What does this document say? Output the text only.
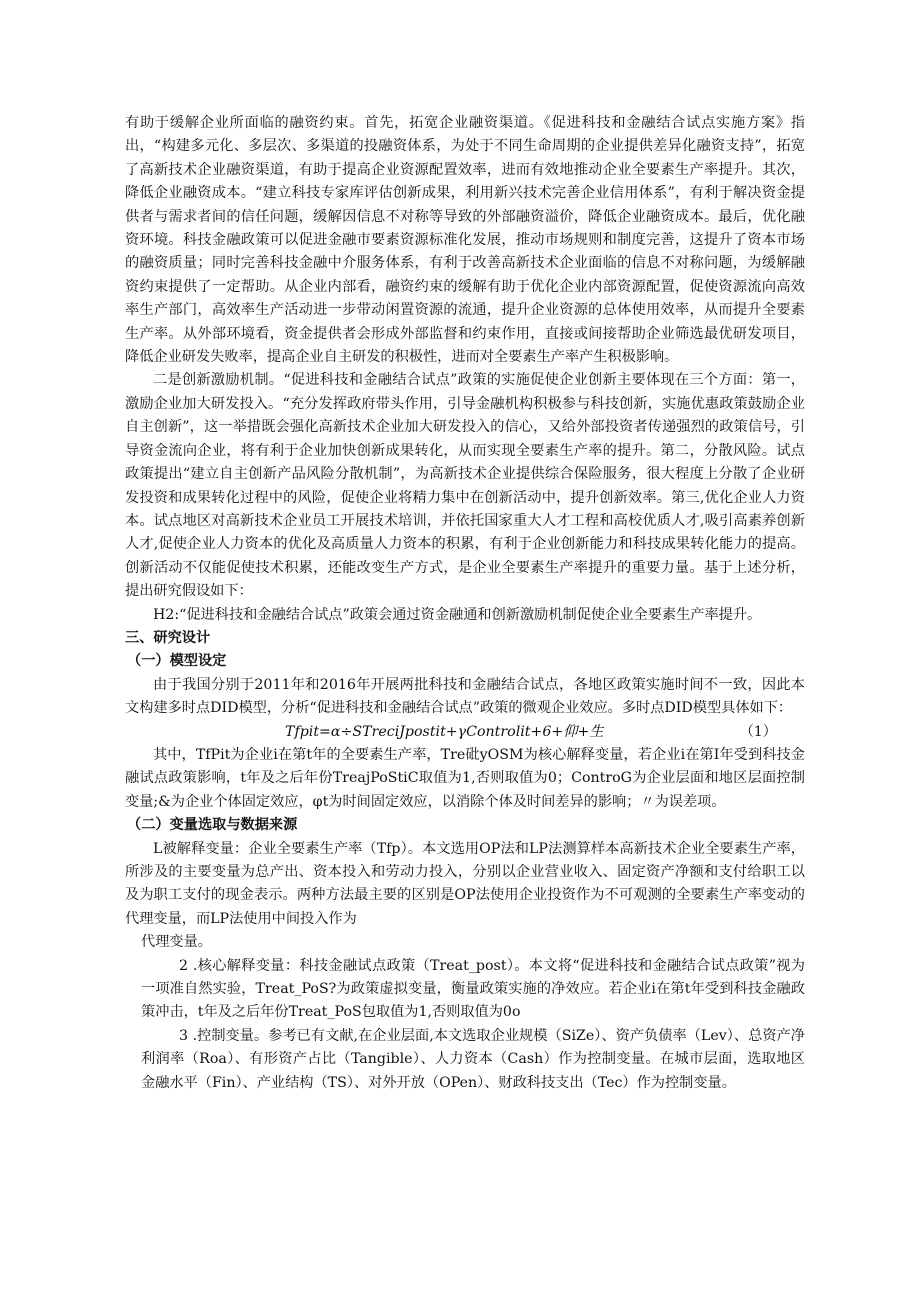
有助于缓解企业所面临的融资约束。首先，拓宽企业融资渠道。《促进科技和金融结合试点实施方案》指出，“构建多元化、多层次、多渠道的投融资体系，为处于不同生命周期的企业提供差异化融资支持”，拓宽了高新技术企业融资渠道，有助于提高企业资源配置效率，进而有效地推动企业全要素生产率提升。其次，降低企业融资成本。“建立科技专家库评估创新成果，利用新兴技术完善企业信用体系”，有利于解决资金提供者与需求者间的信任问题，缓解因信息不对称等导致的外部融资溢价，降低企业融资成本。最后，优化融资环境。科技金融政策可以促进金融市要素资源标准化发展，推动市场规则和制度完善，这提升了资本市场的融资质量；同时完善科技金融中介服务体系，有利于改善高新技术企业面临的信息不对称问题，为缓解融资约束提供了一定帮助。从企业内部看，融资约束的缓解有助于优化企业内部资源配置，促使资源流向高效率生产部门，高效率生产活动进一步带动闲置资源的流通，提升企业资源的总体使用效率，从而提升全要素生产率。从外部环境看，资金提供者会形成外部监督和约束作用，直接或间接帮助企业筛选最优研发项目，降低企业研发失败率，提高企业自主研发的积极性，进而对全要素生产率产生积极影响。

二是创新激励机制。“促进科技和金融结合试点”政策的实施促使企业创新主要体现在三个方面：第一，激励企业加大研发投入。“充分发挥政府带头作用，引导金融机构积极参与科技创新，实施优惠政策鼓励企业自主创新”，这一举措既会强化高新技术企业加大研发投入的信心，又给外部投资者传递强烈的政策信号，引导资金流向企业，将有利于企业加快创新成果转化，从而实现全要素生产率的提升。第二，分散风险。试点政策提出“建立自主创新产品风险分散机制”，为高新技术企业提供综合保险服务，很大程度上分散了企业研发投资和成果转化过程中的风险，促使企业将精力集中在创新活动中，提升创新效率。第三,优化企业人力资本。试点地区对高新技术企业员工开展技术培训，并依托国家重大人才工程和高校优质人才,吸引高素养创新人才,促使企业人力资本的优化及高质量人力资本的积累，有利于企业创新能力和科技成果转化能力的提高。创新活动不仅能促使技术积累，还能改变生产方式，是企业全要素生产率提升的重要力量。基于上述分析，提出研究假设如下：

H2:“促进科技和金融结合试点”政策会通过资金融通和创新激励机制促使企业全要素生产率提升。

三、研究设计
（一）模型设定

由于我国分别于2011年和2016年开展两批科技和金融结合试点，各地区政策实施时间不一致，因此本文构建多时点DID模型，分析“促进科技和金融结合试点”政策的微观企业效应。多时点DID模型具体如下：

Tfpit=α÷STreciJpostit+γControlit+6+仰+生	（1）

其中，TfPit为企业i在第t年的全要素生产率，Tre砒yOSM为核心解释变量，若企业i在第I年受到科技金融试点政策影响，t年及之后年份TreajPoStiC取值为1,否则取值为0；ControG为企业层面和地区层面控制变量;&为企业个体固定效应，φt为时间固定效应，以消除个体及时间差异的影响；〃为误差项。

（二）变量选取与数据来源

L被解释变量：企业全要素生产率（Tfp）。本文选用OP法和LP法测算样本高新技术企业全要素生产率，所涉及的主要变量为总产出、资本投入和劳动力投入，分别以企业营业收入、固定资产净额和支付给职工以及为职工支付的现金表示。两种方法最主要的区别是OP法使用企业投资作为不可观测的全要素生产率变动的代理变量，而LP法使用中间投入作为

代理变量。

2 .核心解释变量：科技金融试点政策（Treat_post）。本文将“促进科技和金融结合试点政策”视为一项准自然实验，Treat_PoS?为政策虚拟变量，衡量政策实施的净效应。若企业i在第t年受到科技金融政策冲击，t年及之后年份Treat_PoS包取值为1,否则取值为0o

3 .控制变量。参考已有文献,在企业层面,本文选取企业规模（SiZe）、资产负债率（Lev）、总资产净利润率（Roa）、有形资产占比（Tangible）、人力资本（Cash）作为控制变量。在城市层面，选取地区金融水平（Fin）、产业结构（TS）、对外开放（OPen）、财政科技支出（Tec）作为控制变量。
